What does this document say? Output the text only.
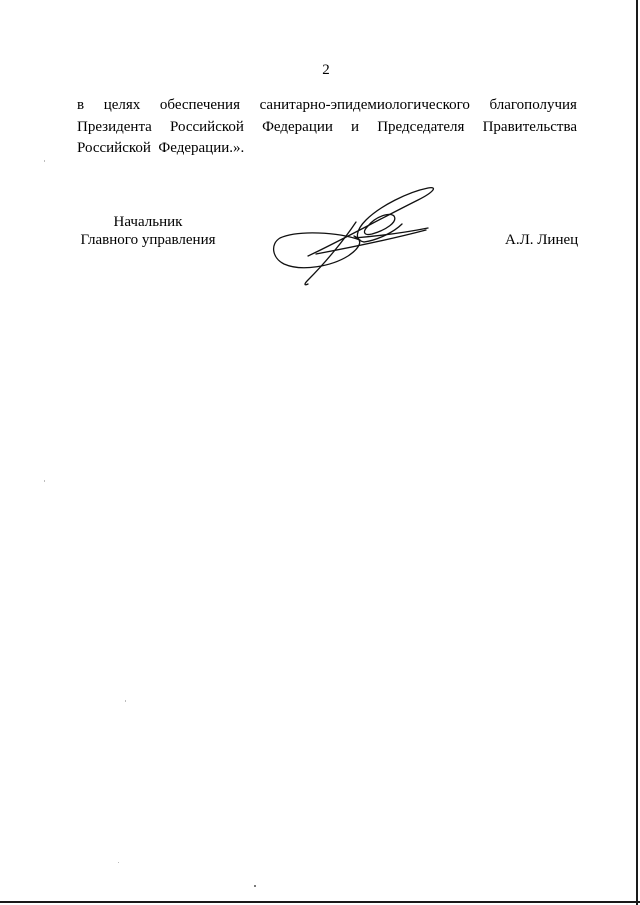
2
в целях обеспечения санитарно-эпидемиологического благополучия
Президента Российской Федерации и Председателя Правительства
Российской  Федерации.».
Начальник
Главного управления	А.Л. Линец
